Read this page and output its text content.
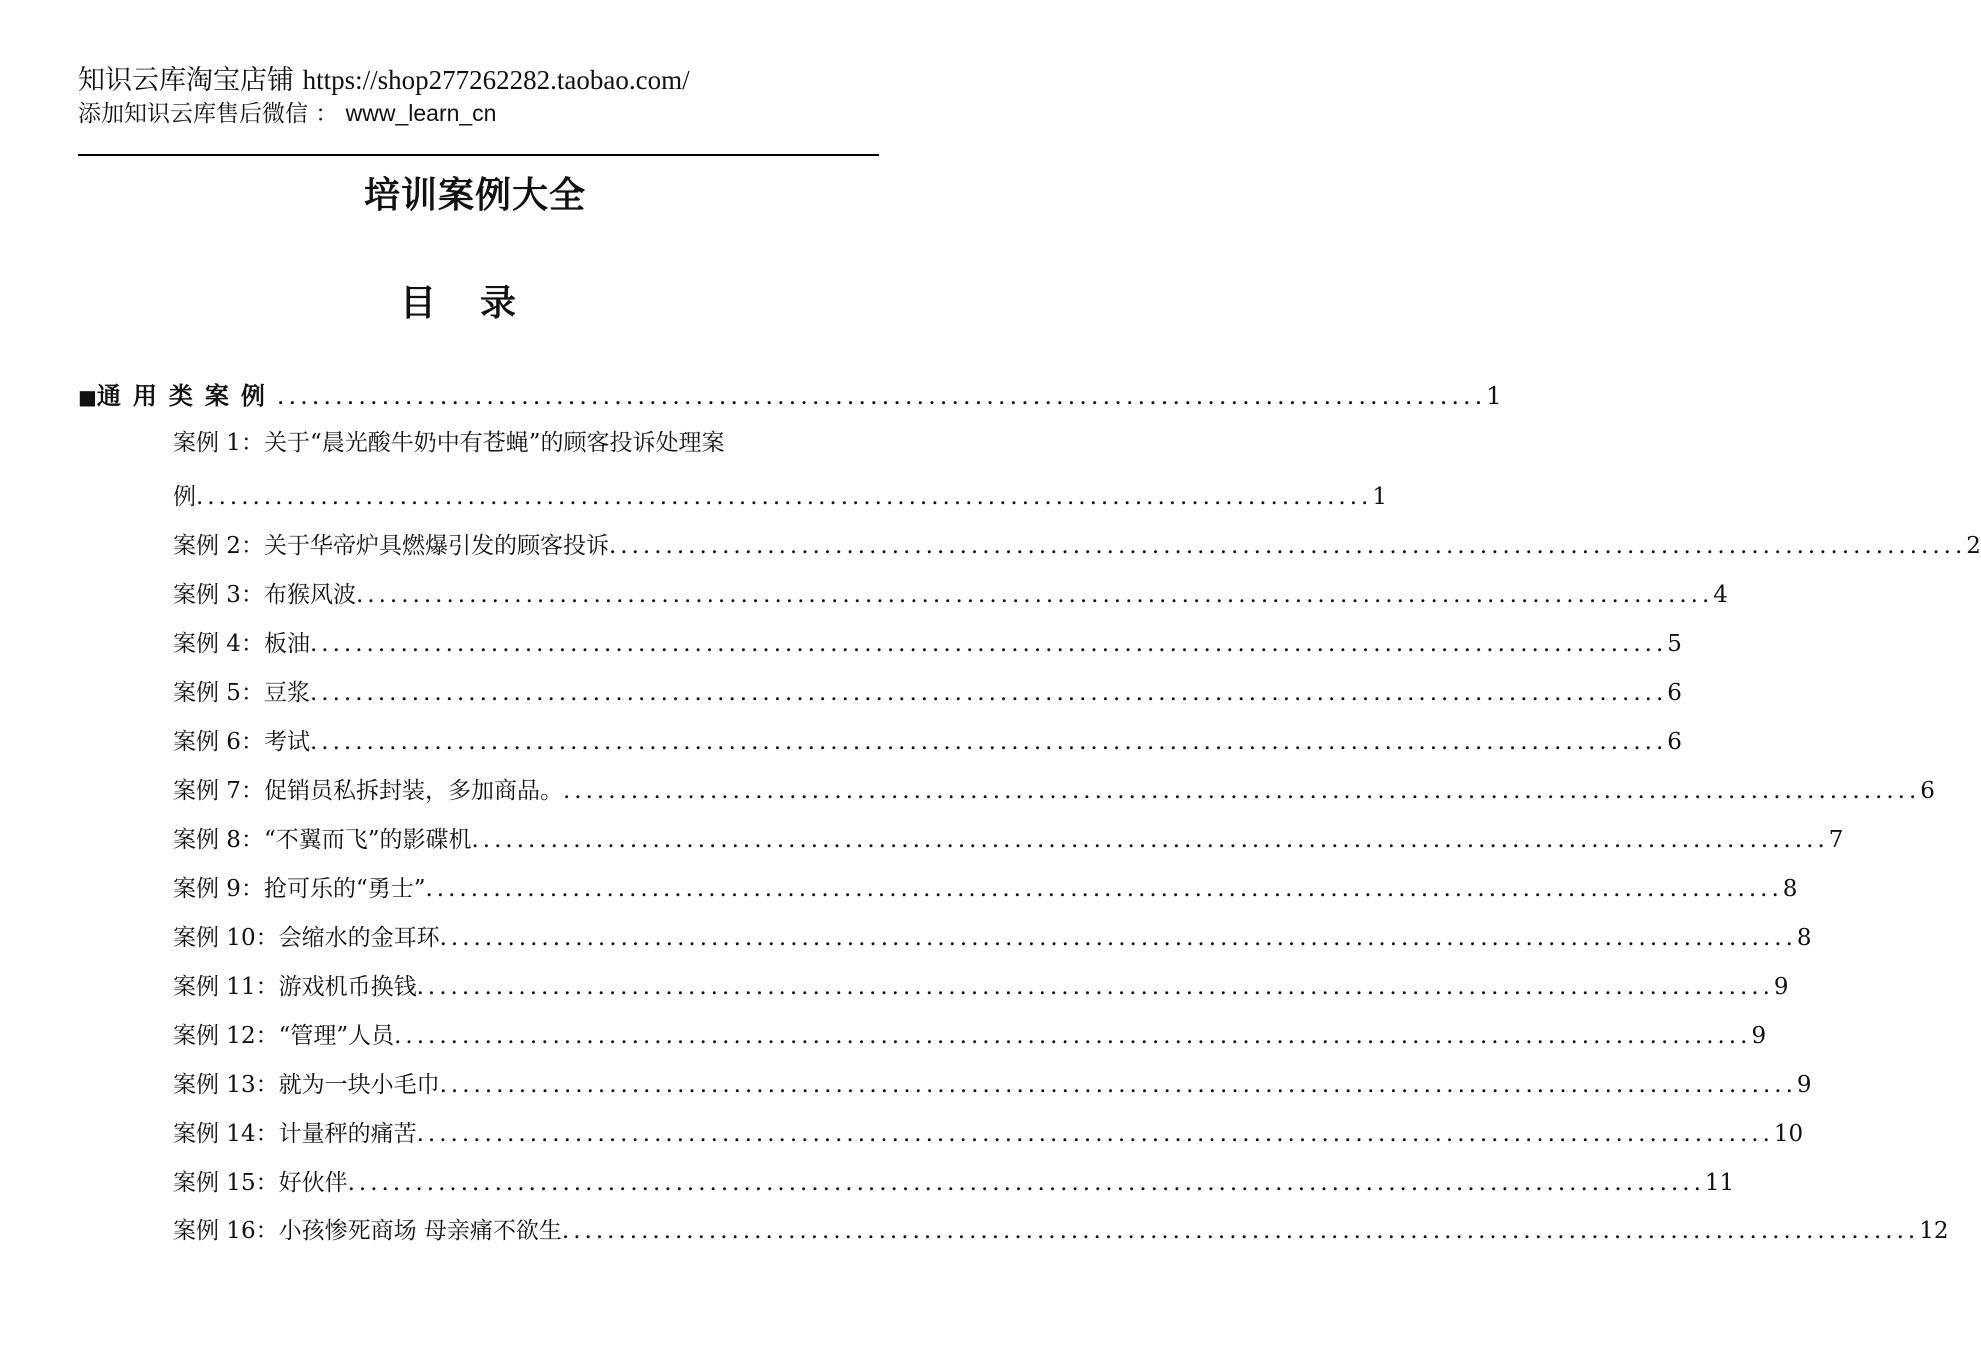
知识云库淘宝店铺 https://shop277262282.taobao.com/
添加知识云库售后微信 ： www_learn_cn
培训案例大全
目录
■ 通用类案例 ........................................................................................................ 1
案例 1：关于“晨光酸牛奶中有苍蝇”的顾客投诉处理案
例 ........................................................................................................ 1
案例 2：关于华帝炉具燃爆引发的顾客投诉 ........................................................................................................................ 2
案例 3：布猴风波 ........................................................................................................................ 4
案例 4：板油 ........................................................................................................................ 5
案例 5：豆浆 ........................................................................................................................ 6
案例 6：考试 ........................................................................................................................ 6
案例 7：促销员私拆封装，多加商品。 ........................................................................................................................ 6
案例 8：“不翼而飞”的影碟机 ........................................................................................................................ 7
案例 9：抢可乐的“勇士” ........................................................................................................................ 8
案例 10：会缩水的金耳环 ........................................................................................................................ 8
案例 11：游戏机币换钱 ........................................................................................................................ 9
案例 12：“管理”人员 ........................................................................................................................ 9
案例 13：就为一块小毛巾 ........................................................................................................................ 9
案例 14：计量秤的痛苦 ........................................................................................................................ 10
案例 15：好伙伴 ........................................................................................................................ 11
案例 16：小孩惨死商场 母亲痛不欲生 ........................................................................................................................ 12
